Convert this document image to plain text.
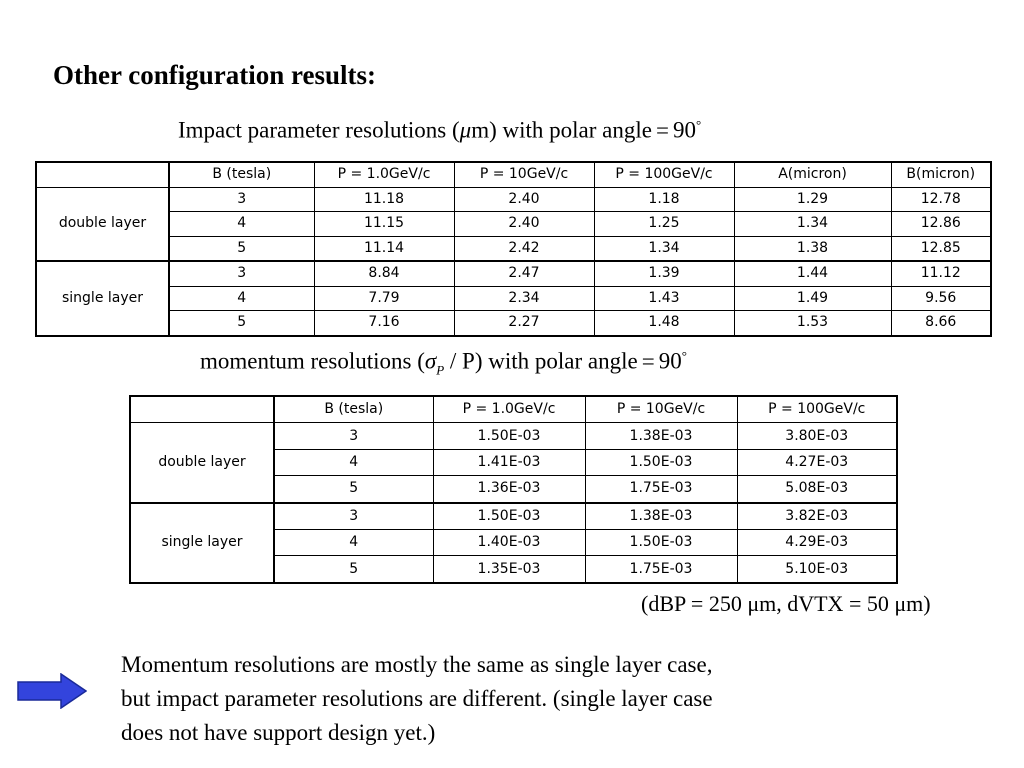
Other configuration results:
Impact parameter resolutions (μm) with polar angle = 90°
	B (tesla)	P = 1.0GeV/c	P = 10GeV/c	P = 100GeV/c	A(micron)	B(micron)
double layer	3	11.18	2.40	1.18	1.29	12.78
	4	11.15	2.40	1.25	1.34	12.86
	5	11.14	2.42	1.34	1.38	12.85
single layer	3	8.84	2.47	1.39	1.44	11.12
	4	7.79	2.34	1.43	1.49	9.56
	5	7.16	2.27	1.48	1.53	8.66
momentum resolutions $(\sigma_P / P)$ with polar angle = 90°
	B (tesla)	P = 1.0GeV/c	P = 10GeV/c	P = 100GeV/c
double layer	3	1.50E-03	1.38E-03	3.80E-03
	4	1.41E-03	1.50E-03	4.27E-03
	5	1.36E-03	1.75E-03	5.08E-03
single layer	3	1.50E-03	1.38E-03	3.82E-03
	4	1.40E-03	1.50E-03	4.29E-03
	5	1.35E-03	1.75E-03	5.10E-03
(dBP = 250 μm, dVTX = 50 μm)
Momentum resolutions are mostly the same as single layer case,
but impact parameter resolutions are different. (single layer case
does not have support design yet.)
